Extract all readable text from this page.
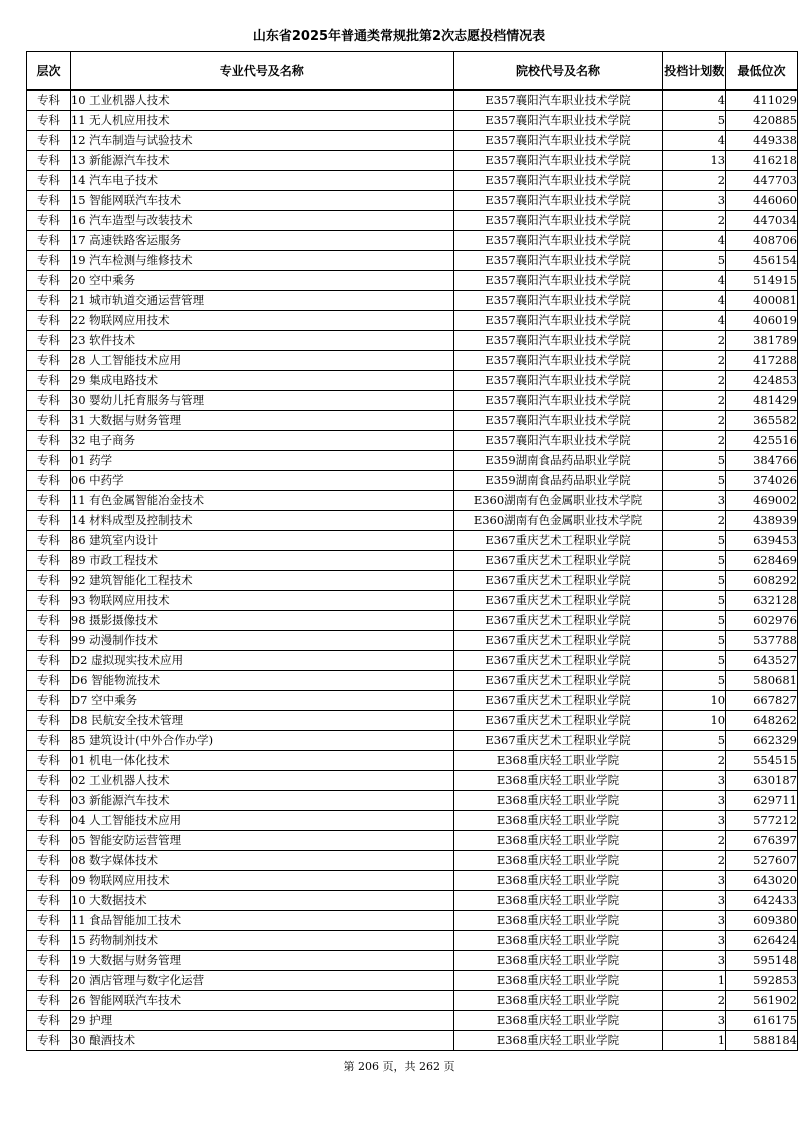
山东省2025年普通类常规批第2次志愿投档情况表
层次	专业代号及名称	院校代号及名称	投档计划数	最低位次
专科	10 工业机器人技术	E357襄阳汽车职业技术学院	4	411029
专科	11 无人机应用技术	E357襄阳汽车职业技术学院	5	420885
专科	12 汽车制造与试验技术	E357襄阳汽车职业技术学院	4	449338
专科	13 新能源汽车技术	E357襄阳汽车职业技术学院	13	416218
专科	14 汽车电子技术	E357襄阳汽车职业技术学院	2	447703
专科	15 智能网联汽车技术	E357襄阳汽车职业技术学院	3	446060
专科	16 汽车造型与改装技术	E357襄阳汽车职业技术学院	2	447034
专科	17 高速铁路客运服务	E357襄阳汽车职业技术学院	4	408706
专科	19 汽车检测与维修技术	E357襄阳汽车职业技术学院	5	456154
专科	20 空中乘务	E357襄阳汽车职业技术学院	4	514915
专科	21 城市轨道交通运营管理	E357襄阳汽车职业技术学院	4	400081
专科	22 物联网应用技术	E357襄阳汽车职业技术学院	4	406019
专科	23 软件技术	E357襄阳汽车职业技术学院	2	381789
专科	28 人工智能技术应用	E357襄阳汽车职业技术学院	2	417288
专科	29 集成电路技术	E357襄阳汽车职业技术学院	2	424853
专科	30 婴幼儿托育服务与管理	E357襄阳汽车职业技术学院	2	481429
专科	31 大数据与财务管理	E357襄阳汽车职业技术学院	2	365582
专科	32 电子商务	E357襄阳汽车职业技术学院	2	425516
专科	01 药学	E359湖南食品药品职业学院	5	384766
专科	06 中药学	E359湖南食品药品职业学院	5	374026
专科	11 有色金属智能冶金技术	E360湖南有色金属职业技术学院	3	469002
专科	14 材料成型及控制技术	E360湖南有色金属职业技术学院	2	438939
专科	86 建筑室内设计	E367重庆艺术工程职业学院	5	639453
专科	89 市政工程技术	E367重庆艺术工程职业学院	5	628469
专科	92 建筑智能化工程技术	E367重庆艺术工程职业学院	5	608292
专科	93 物联网应用技术	E367重庆艺术工程职业学院	5	632128
专科	98 摄影摄像技术	E367重庆艺术工程职业学院	5	602976
专科	99 动漫制作技术	E367重庆艺术工程职业学院	5	537788
专科	D2 虚拟现实技术应用	E367重庆艺术工程职业学院	5	643527
专科	D6 智能物流技术	E367重庆艺术工程职业学院	5	580681
专科	D7 空中乘务	E367重庆艺术工程职业学院	10	667827
专科	D8 民航安全技术管理	E367重庆艺术工程职业学院	10	648262
专科	85 建筑设计(中外合作办学)	E367重庆艺术工程职业学院	5	662329
专科	01 机电一体化技术	E368重庆轻工职业学院	2	554515
专科	02 工业机器人技术	E368重庆轻工职业学院	3	630187
专科	03 新能源汽车技术	E368重庆轻工职业学院	3	629711
专科	04 人工智能技术应用	E368重庆轻工职业学院	3	577212
专科	05 智能安防运营管理	E368重庆轻工职业学院	2	676397
专科	08 数字媒体技术	E368重庆轻工职业学院	2	527607
专科	09 物联网应用技术	E368重庆轻工职业学院	3	643020
专科	10 大数据技术	E368重庆轻工职业学院	3	642433
专科	11 食品智能加工技术	E368重庆轻工职业学院	3	609380
专科	15 药物制剂技术	E368重庆轻工职业学院	3	626424
专科	19 大数据与财务管理	E368重庆轻工职业学院	3	595148
专科	20 酒店管理与数字化运营	E368重庆轻工职业学院	1	592853
专科	26 智能网联汽车技术	E368重庆轻工职业学院	2	561902
专科	29 护理	E368重庆轻工职业学院	3	616175
专科	30 酿酒技术	E368重庆轻工职业学院	1	588184
第 206 页，共 262 页
